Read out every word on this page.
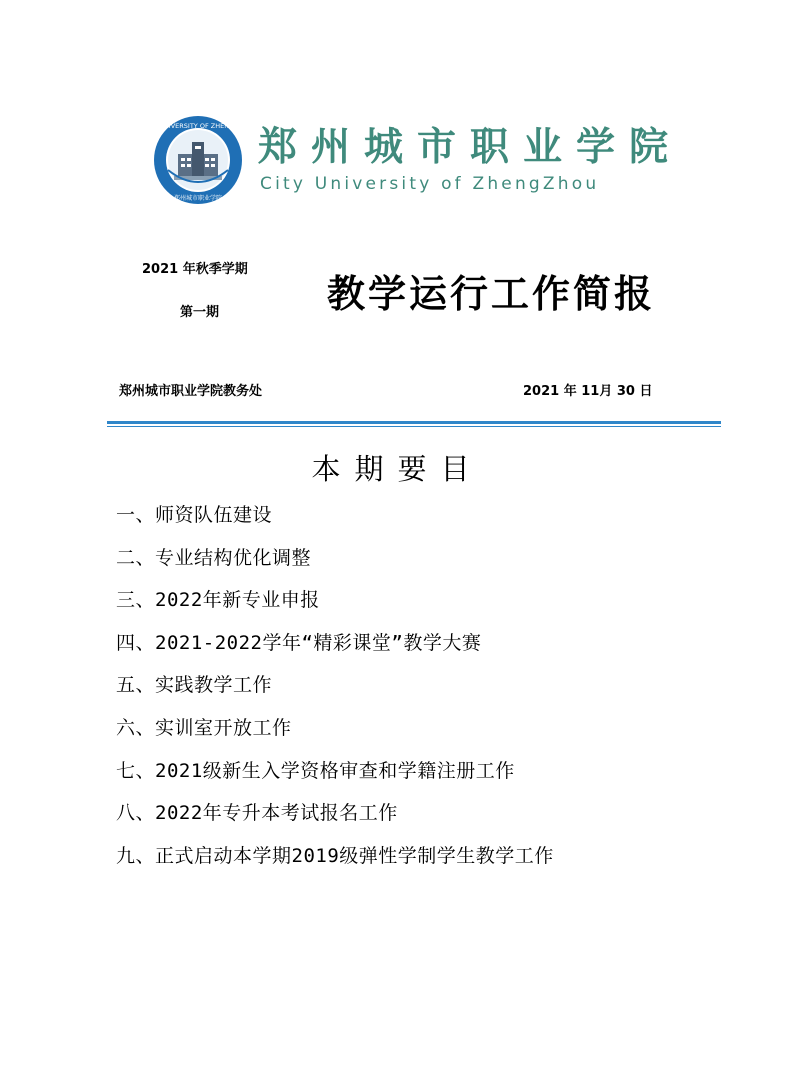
CITY UNIVERSITY OF ZHENGZHOU
郑州城市职业学院
郑州城市职业学院
City University of ZhengZhou
2021 年秋季学期
第一期	教学运行工作简报
郑州城市职业学院教务处	2021 年 11月 30 日
本期要目
一、师资队伍建设
二、专业结构优化调整
三、2022年新专业申报
四、2021-2022学年“精彩课堂”教学大赛
五、实践教学工作
六、实训室开放工作
七、2021级新生入学资格审查和学籍注册工作
八、2022年专升本考试报名工作
九、正式启动本学期2019级弹性学制学生教学工作
